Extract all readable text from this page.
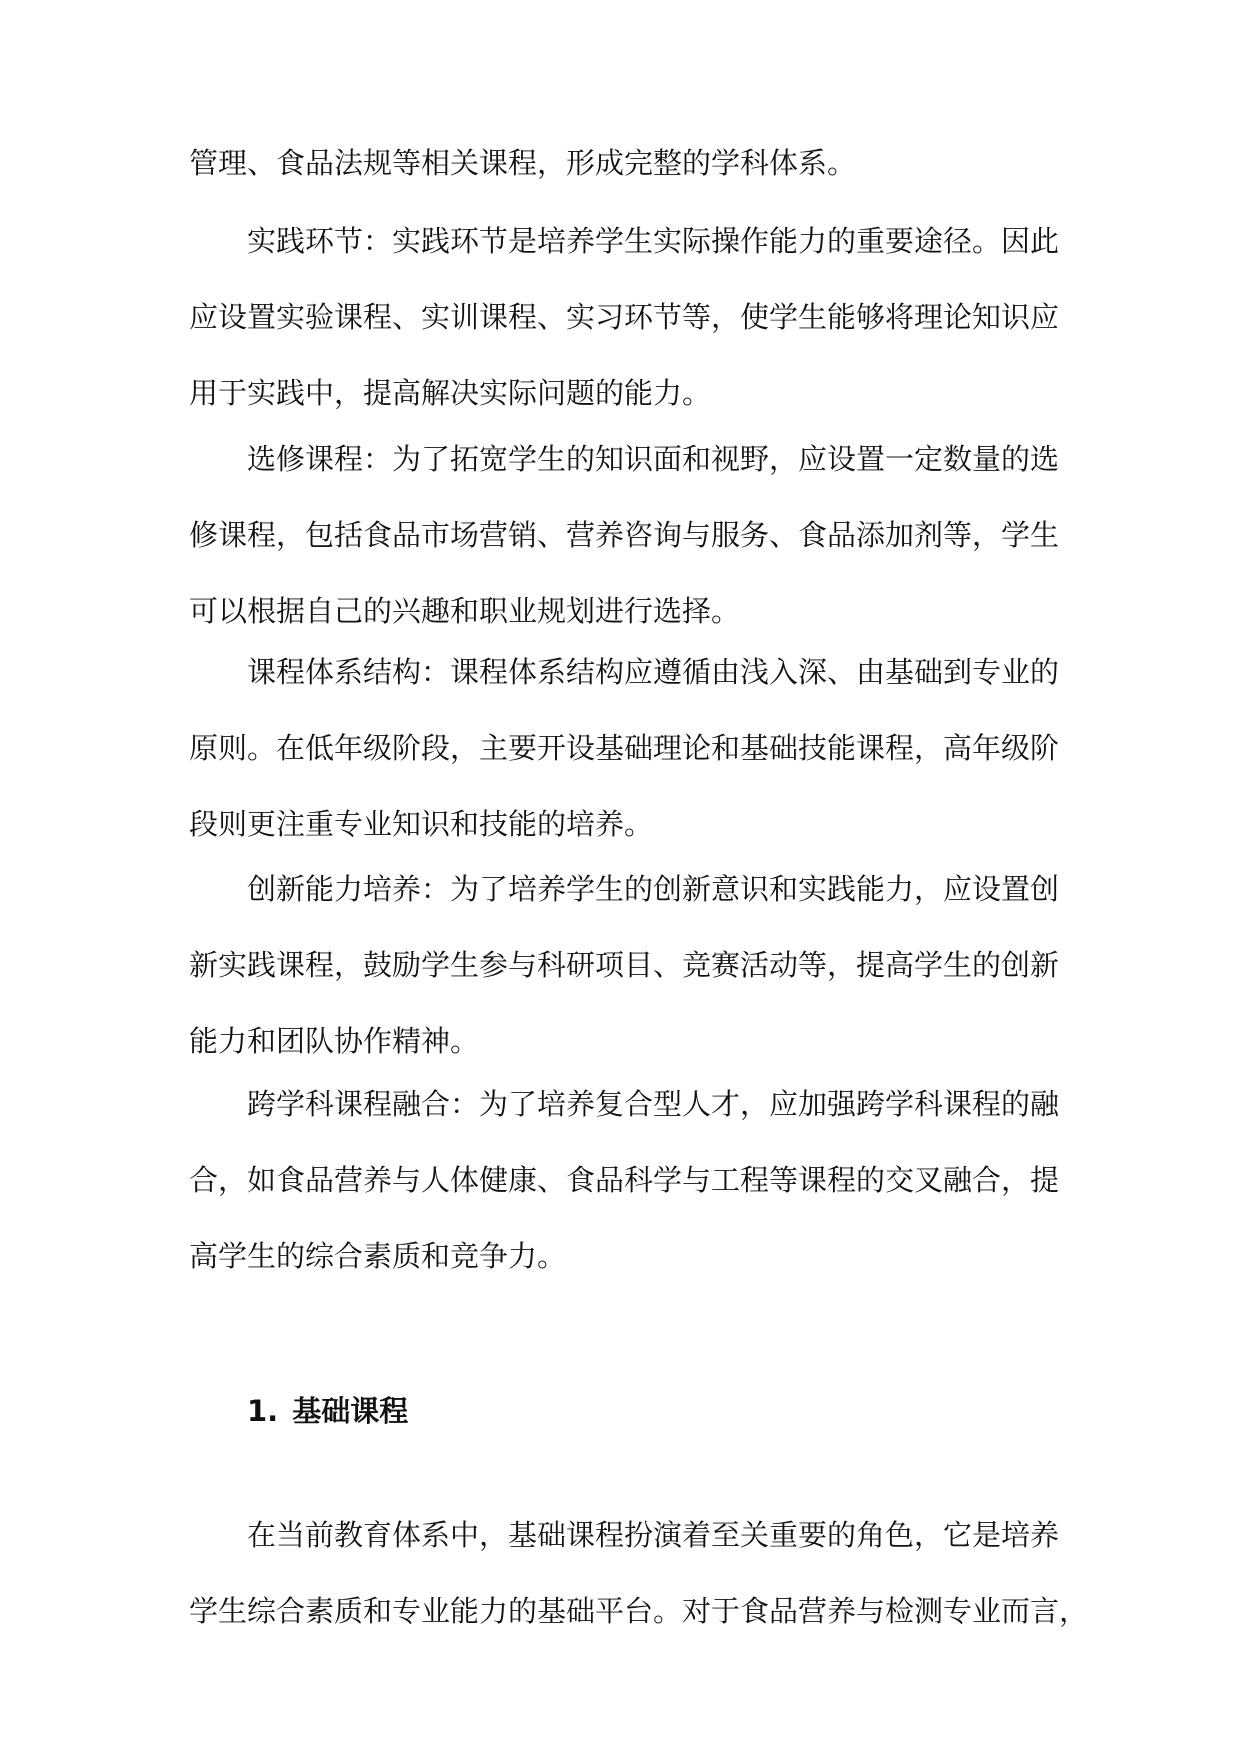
管理、食品法规等相关课程，形成完整的学科体系。
实践环节：实践环节是培养学生实际操作能力的重要途径。因此
应设置实验课程、实训课程、实习环节等，使学生能够将理论知识应
用于实践中，提高解决实际问题的能力。
选修课程：为了拓宽学生的知识面和视野，应设置一定数量的选
修课程，包括食品市场营销、营养咨询与服务、食品添加剂等，学生
可以根据自己的兴趣和职业规划进行选择。
课程体系结构：课程体系结构应遵循由浅入深、由基础到专业的
原则。在低年级阶段，主要开设基础理论和基础技能课程，高年级阶
段则更注重专业知识和技能的培养。
创新能力培养：为了培养学生的创新意识和实践能力，应设置创
新实践课程，鼓励学生参与科研项目、竞赛活动等，提高学生的创新
能力和团队协作精神。
跨学科课程融合：为了培养复合型人才，应加强跨学科课程的融
合，如食品营养与人体健康、食品科学与工程等课程的交叉融合，提
高学生的综合素质和竞争力。
1. 基础课程
在当前教育体系中，基础课程扮演着至关重要的角色，它是培养
学生综合素质和专业能力的基础平台。对于食品营养与检测专业而言，
